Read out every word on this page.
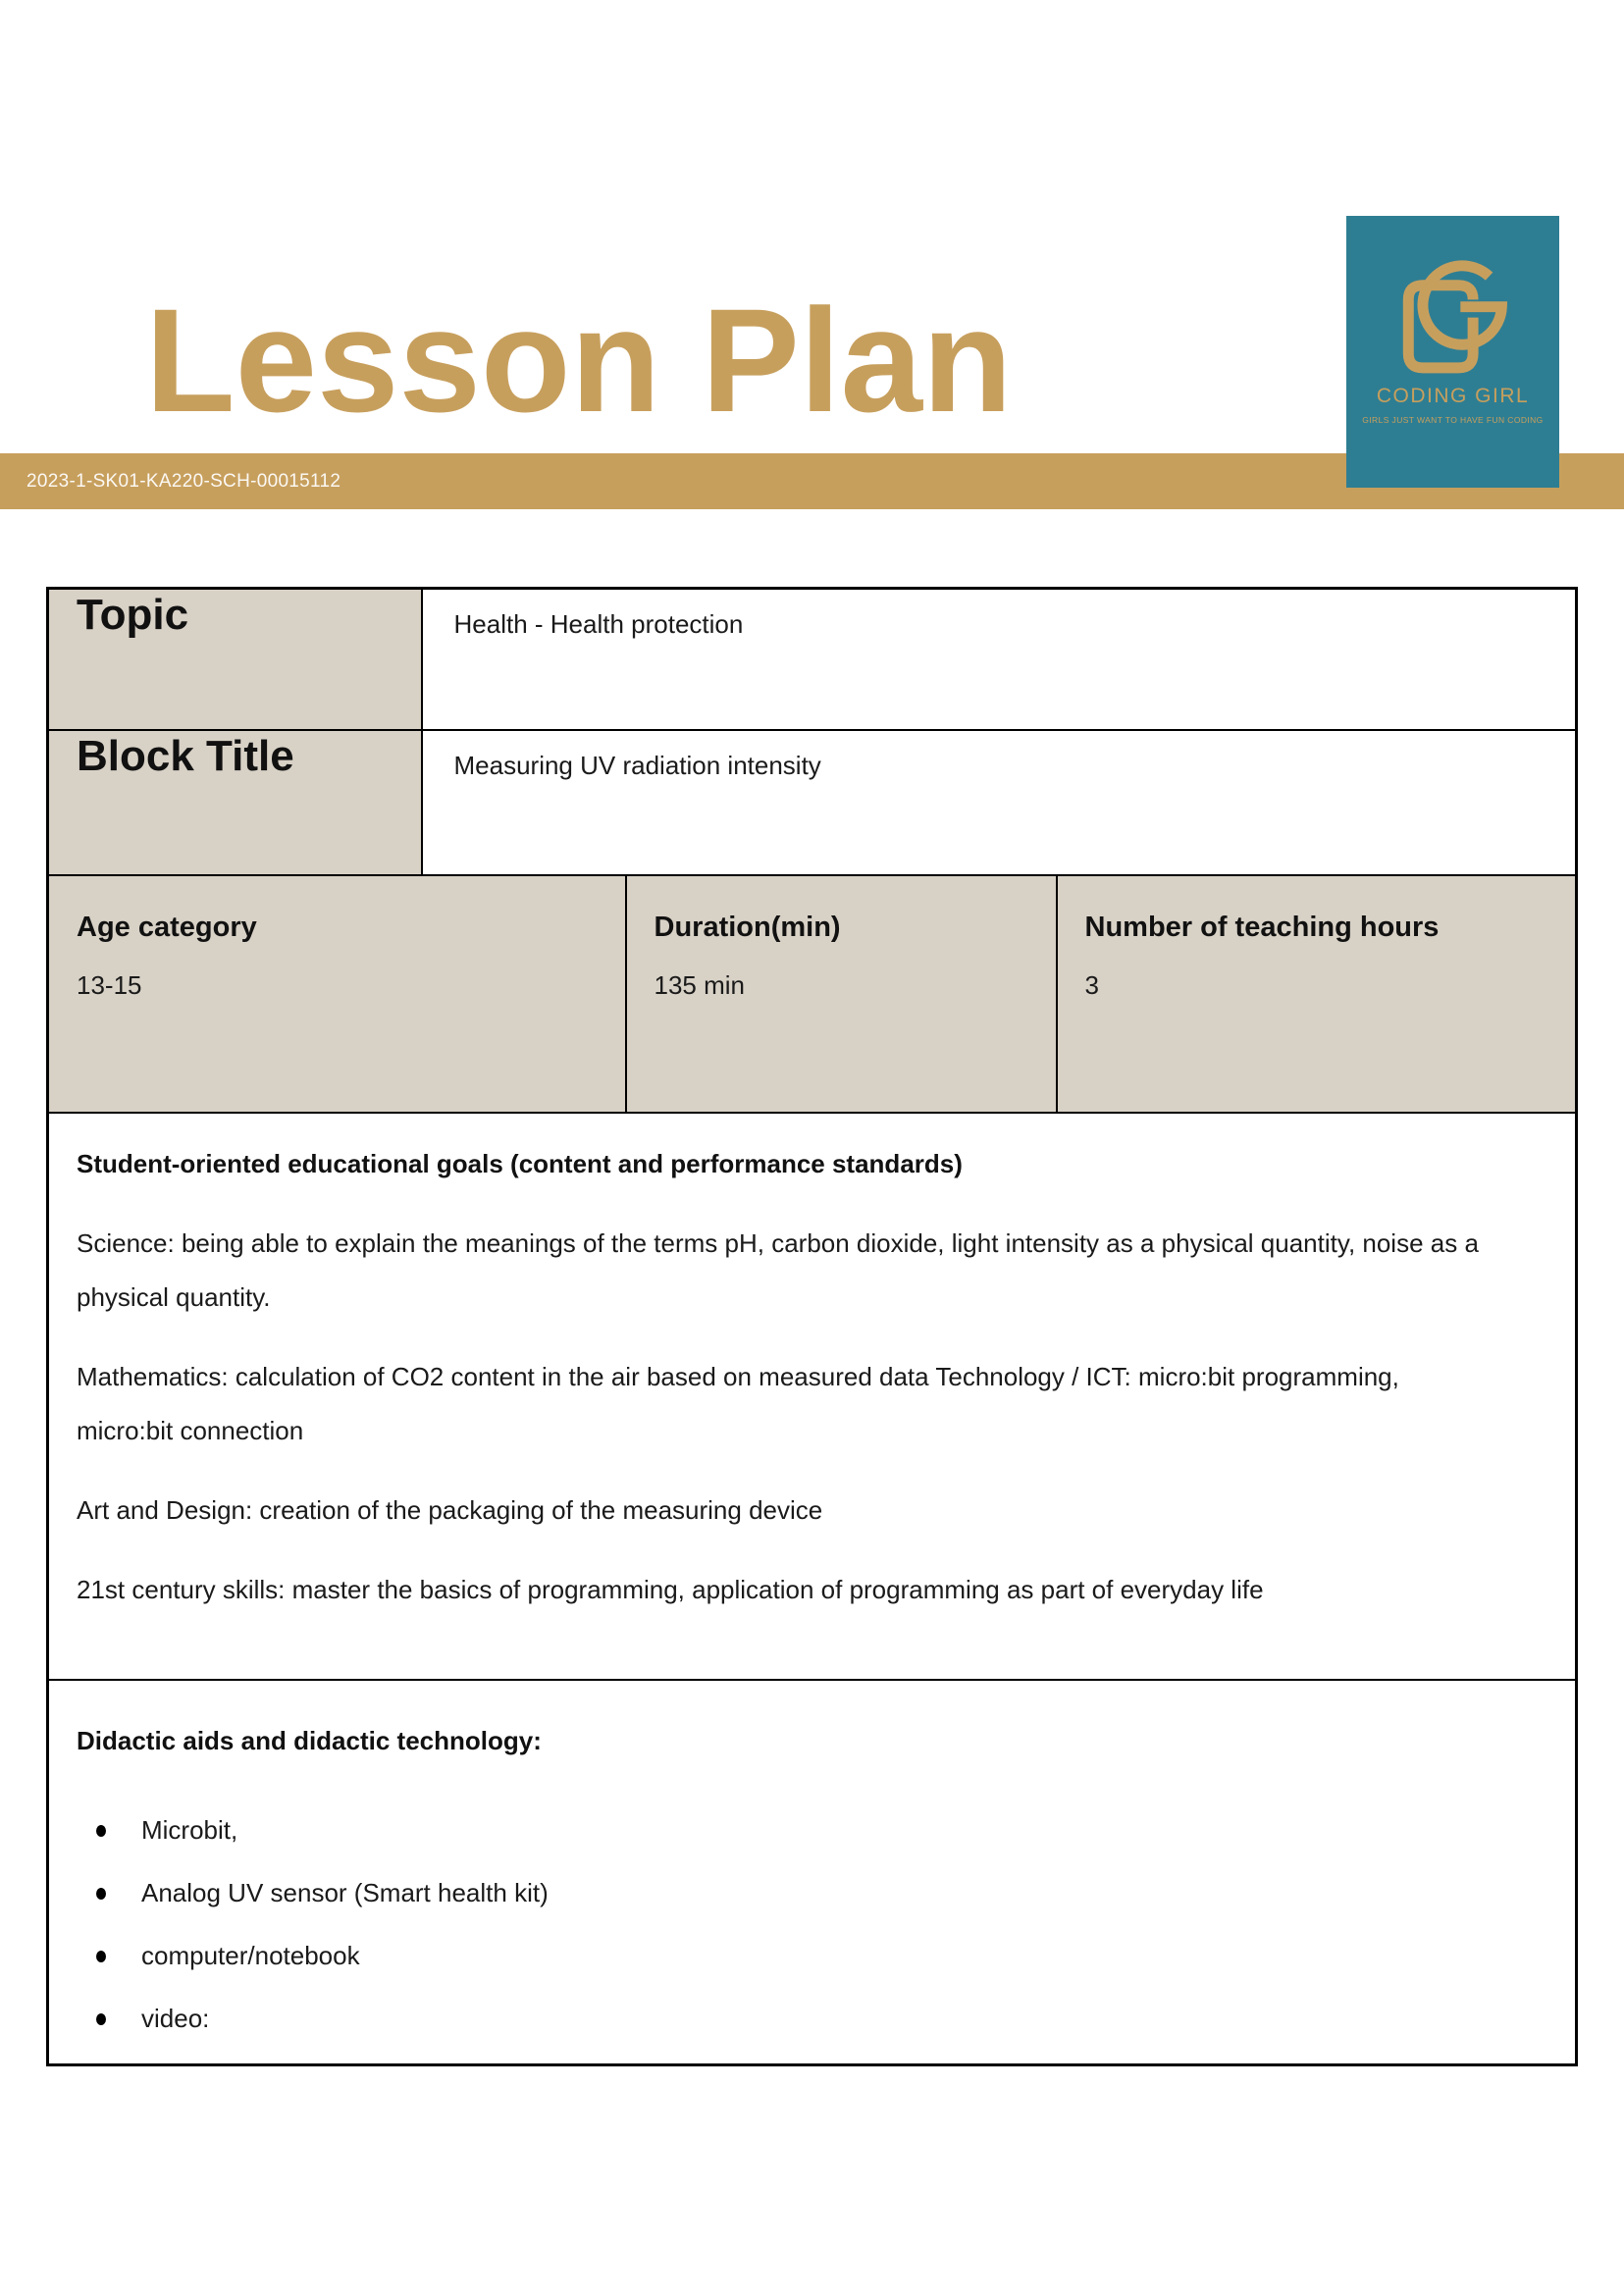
Lesson Plan
2023-1-SK01-KA220-SCH-00015112
CODING GIRL
GIRLS JUST WANT TO HAVE FUN CODING
Topic	Health - Health protection		
Block Title	Measuring UV radiation intensity		

Age category
13-15

Duration(min)
135 min

Number of teaching hours
3

Student-oriented educational goals (content and performance standards)

Science: being able to explain the meanings of the terms pH, carbon dioxide, light intensity as a physical quantity, noise as a physical quantity.

Mathematics: calculation of CO2 content in the air based on measured data Technology / ICT: micro:bit programming, micro:bit connection

Art and Design: creation of the packaging of the measuring device

21st century skills: master the basics of programming, application of programming as part of everyday life			

Didactic aids and didactic technology:
Microbit,
Analog UV sensor (Smart health kit)
computer/notebook
video:
